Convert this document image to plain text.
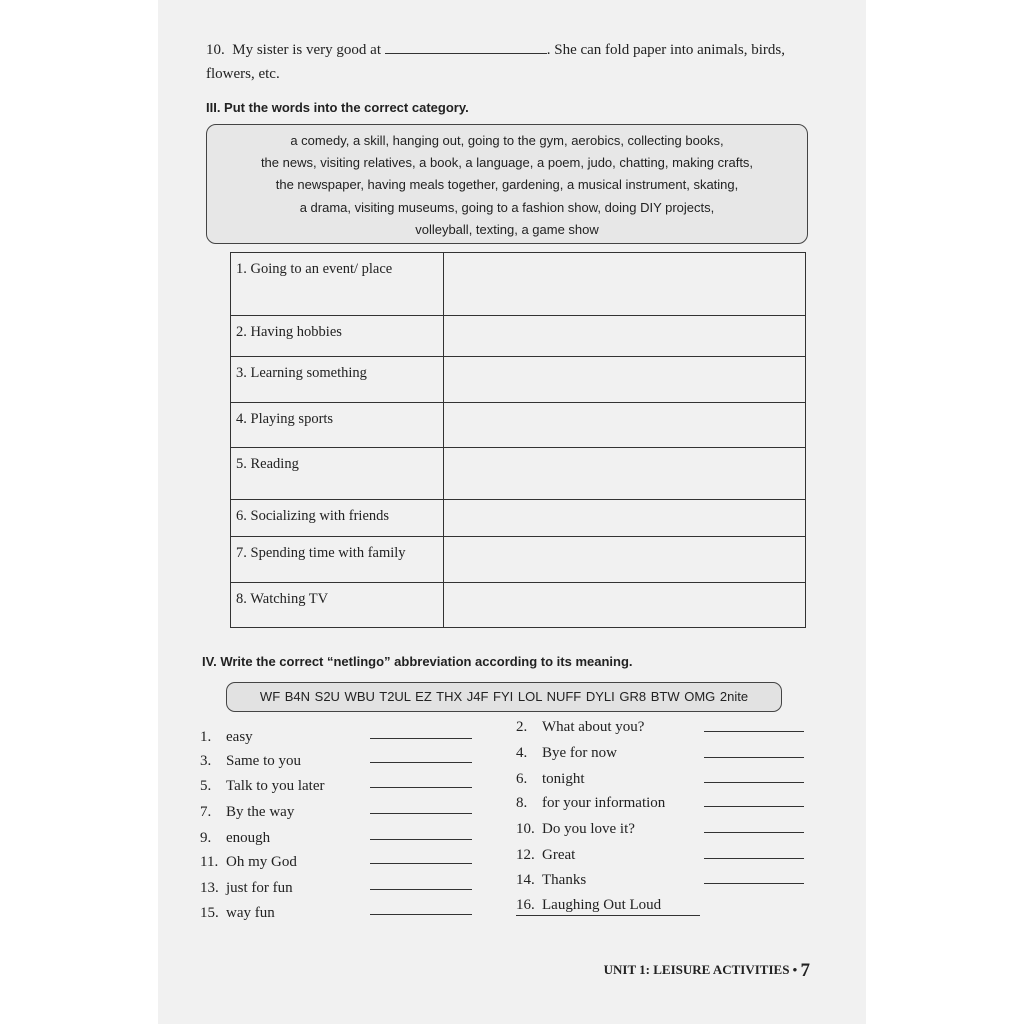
10. My sister is very good at	. She can fold paper into animals, birds, flowers, etc.
III. Put the words into the correct category.
a comedy, a skill, hanging out, going to the gym, aerobics, collecting books,
the news, visiting relatives, a book, a language, a poem, judo, chatting, making crafts,
the newspaper, having meals together, gardening, a musical instrument, skating,
a drama, visiting museums, going to a fashion show, doing DIY projects,
volleyball, texting, a game show
1. Going to an event/ place	
2. Having hobbies	
3. Learning something	
4. Playing sports	
5. Reading	
6. Socializing with friends	
7. Spending time with family	
8. Watching TV	
IV. Write the correct “netlingo” abbreviation according to its meaning.
WF B4N S2U WBU T2UL EZ THX J4F FYI LOL NUFF DYLI GR8 BTW OMG 2nite
1. easy
3. Same to you
5. Talk to you later
7. By the way
9. enough
11. Oh my God
13. just for fun
15. way fun
2. What about you?
4. Bye for now
6. tonight
8. for your information
10. Do you love it?
12. Great
14. Thanks
16. Laughing Out Loud
UNIT 1: LEISURE ACTIVITIES • 7
